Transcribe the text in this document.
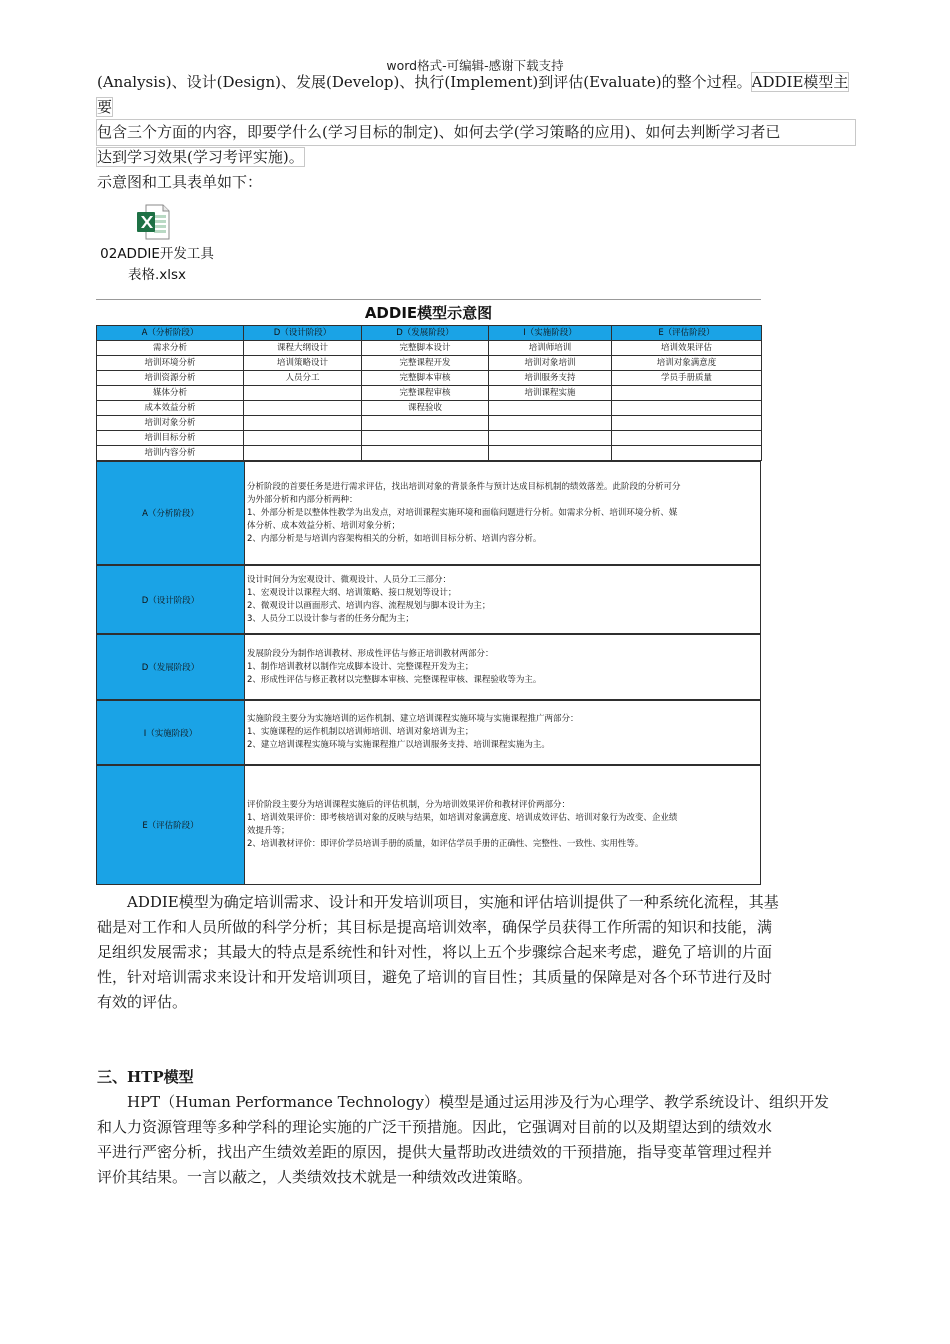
word格式-可编辑-感谢下载支持
(Analysis)、设计(Design)、发展(Develop)、执行(Implement)到评估(Evaluate)的整个过程。ADDIE模型主要
包含三个方面的内容，即要学什么(学习目标的制定)、如何去学(学习策略的应用)、如何去判断学习者已
达到学习效果(学习考评实施)。
示意图和工具表单如下：
02ADDIE开发工具
表格.xlsx
ADDIE模型示意图
A（分析阶段）	D（设计阶段）	D（发展阶段）	I（实施阶段）	E（评估阶段）
需求分析	课程大纲设计	完整脚本设计	培训师培训	培训效果评估
培训环境分析	培训策略设计	完整课程开发	培训对象培训	培训对象满意度
培训资源分析	人员分工	完整脚本审核	培训服务支持	学员手册质量
媒体分析		完整课程审核	培训课程实施	
成本效益分析		课程验收		
培训对象分析				
培训目标分析				
培训内容分析				
A（分析阶段）	
分析阶段的首要任务是进行需求评估，找出培训对象的背景条件与预计达成目标机制的绩效落差。此阶段的分析可分
为外部分析和内部分析两种：
1、外部分析是以整体性教学为出发点，对培训课程实施环境和面临问题进行分析。如需求分析、培训环境分析、媒
体分析、成本效益分析、培训对象分析；
2、内部分析是与培训内容架构相关的分析，如培训目标分析、培训内容分析。
D（设计阶段）	
设计时间分为宏观设计、微观设计、人员分工三部分：
1、宏观设计以课程大纲、培训策略、接口规划等设计；
2、微观设计以画面形式、培训内容、流程规划与脚本设计为主；
3、人员分工以设计参与者的任务分配为主；
D（发展阶段）	
发展阶段分为制作培训教材、形成性评估与修正培训教材两部分：
1、制作培训教材以制作完成脚本设计、完整课程开发为主；
2、形成性评估与修正教材以完整脚本审核、完整课程审核、课程验收等为主。
I（实施阶段）	
实施阶段主要分为实施培训的运作机制、建立培训课程实施环境与实施课程推广两部分：
1、实施课程的运作机制以培训师培训、培训对象培训为主；
2、建立培训课程实施环境与实施课程推广以培训服务支持、培训课程实施为主。
E（评估阶段）	
评价阶段主要分为培训课程实施后的评估机制，分为培训效果评价和教材评价两部分：
1、培训效果评价：即考核培训对象的反映与结果，如培训对象满意度、培训成效评估、培训对象行为改变、企业绩
效提升等；
2、培训教材评价：即评价学员培训手册的质量，如评估学员手册的正确性、完整性、一致性、实用性等。
ADDIE模型为确定培训需求、设计和开发培训项目，实施和评估培训提供了一种系统化流程，其基
础是对工作和人员所做的科学分析；其目标是提高培训效率，确保学员获得工作所需的知识和技能，满
足组织发展需求；其最大的特点是系统性和针对性，将以上五个步骤综合起来考虑，避免了培训的片面
性，针对培训需求来设计和开发培训项目，避免了培训的盲目性；其质量的保障是对各个环节进行及时
有效的评估。
三、HTP模型
HPT（Human Performance Technology）模型是通过运用涉及行为心理学、教学系统设计、组织开发
和人力资源管理等多种学科的理论实施的广泛干预措施。因此，它强调对目前的以及期望达到的绩效水
平进行严密分析，找出产生绩效差距的原因，提供大量帮助改进绩效的干预措施，指导变革管理过程并
评价其结果。一言以蔽之，人类绩效技术就是一种绩效改进策略。
